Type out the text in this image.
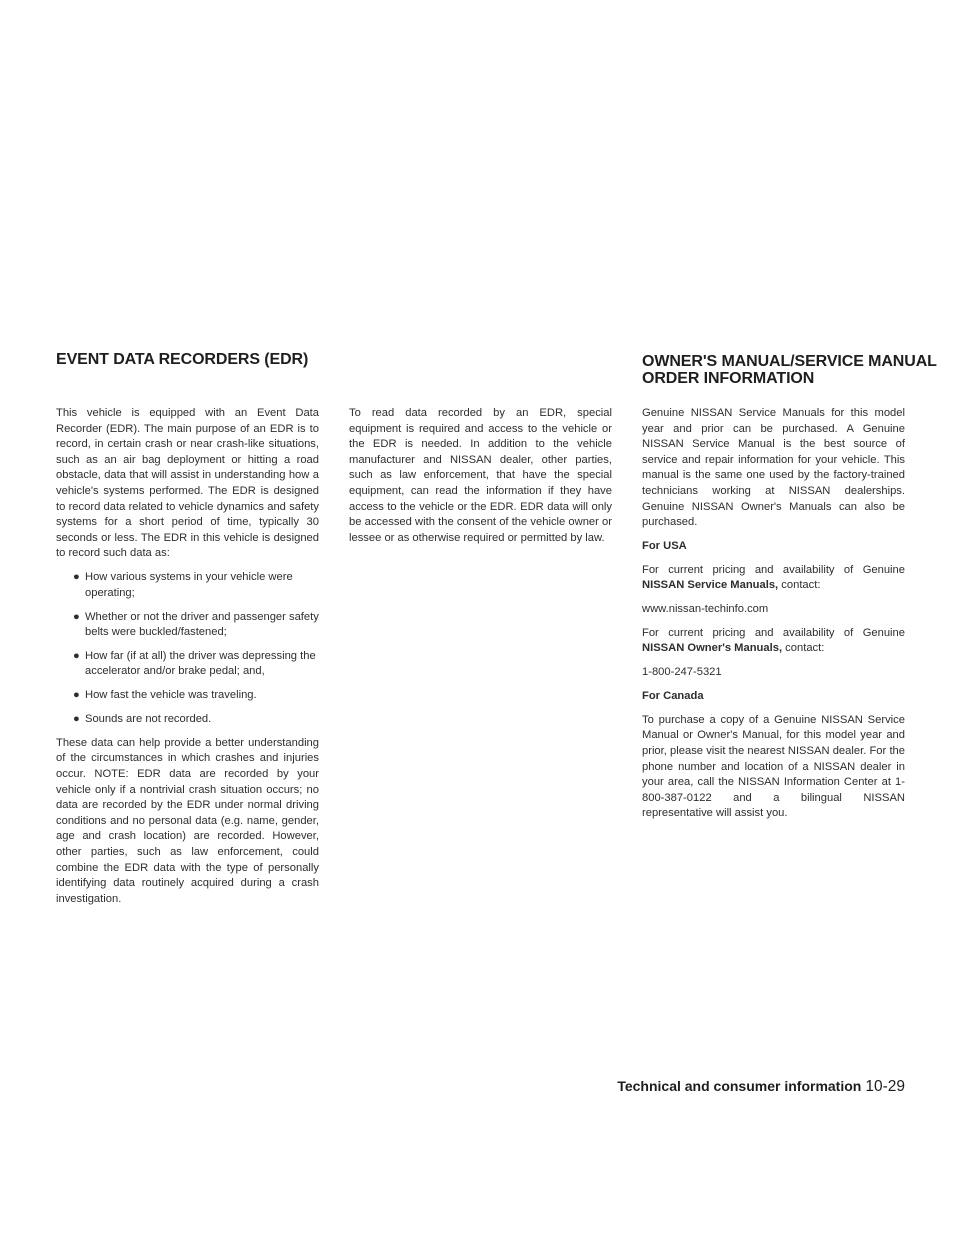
EVENT DATA RECORDERS (EDR)	OWNER'S MANUAL/SERVICE MANUAL ORDER INFORMATION

This vehicle is equipped with an Event Data Recorder (EDR). The main purpose of an EDR is to record, in certain crash or near crash-like situations, such as an air bag deployment or hitting a road obstacle, data that will assist in understanding how a vehicle's systems performed. The EDR is designed to record data related to vehicle dynamics and safety systems for a short period of time, typically 30 seconds or less. The EDR in this vehicle is designed to record such data as:

● How various systems in your vehicle were operating;
● Whether or not the driver and passenger safety belts were buckled/fastened;
● How far (if at all) the driver was depressing the accelerator and/or brake pedal; and,
● How fast the vehicle was traveling.
● Sounds are not recorded.

These data can help provide a better understanding of the circumstances in which crashes and injuries occur. NOTE: EDR data are recorded by your vehicle only if a nontrivial crash situation occurs; no data are recorded by the EDR under normal driving conditions and no personal data (e.g. name, gender, age and crash location) are recorded. However, other parties, such as law enforcement, could combine the EDR data with the type of personally identifying data routinely acquired during a crash investigation.

To read data recorded by an EDR, special equipment is required and access to the vehicle or the EDR is needed. In addition to the vehicle manufacturer and NISSAN dealer, other parties, such as law enforcement, that have the special equipment, can read the information if they have access to the vehicle or the EDR. EDR data will only be accessed with the consent of the vehicle owner or lessee or as otherwise required or permitted by law.

Genuine NISSAN Service Manuals for this model year and prior can be purchased. A Genuine NISSAN Service Manual is the best source of service and repair information for your vehicle. This manual is the same one used by the factory-trained technicians working at NISSAN dealerships. Genuine NISSAN Owner's Manuals can also be purchased.

For USA

For current pricing and availability of Genuine NISSAN Service Manuals, contact:

www.nissan-techinfo.com

For current pricing and availability of Genuine NISSAN Owner's Manuals, contact:

1-800-247-5321

For Canada

To purchase a copy of a Genuine NISSAN Service Manual or Owner's Manual, for this model year and prior, please visit the nearest NISSAN dealer. For the phone number and location of a NISSAN dealer in your area, call the NISSAN Information Center at 1-800-387-0122 and a bilingual NISSAN representative will assist you.

Technical and consumer information 10-29
